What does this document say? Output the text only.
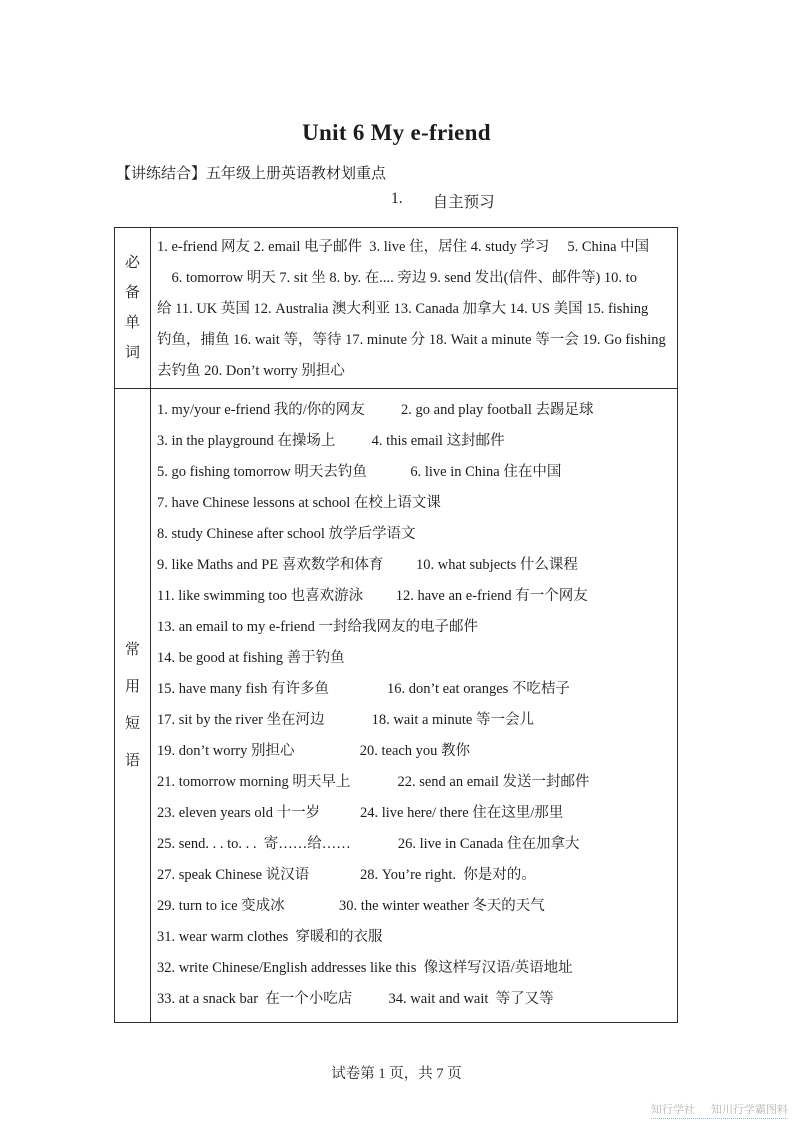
Unit 6 My e-friend
【讲练结合】五年级上册英语教材划重点
1. 自主预习
必
备
单
词
1. e-friend 网友 2. email 电子邮件  3. live 住，居住 4. study 学习     5. China 中国
6. tomorrow 明天 7. sit 坐 8. by. 在.... 旁边 9. send 发出(信件、邮件等) 10. to
给 11. UK 英国 12. Australia 澳大利亚 13. Canada 加拿大 14. US 美国 15. fishing
钓鱼，捕鱼 16. wait 等，等待 17. minute 分 18. Wait a minute 等一会 19. Go fishing
去钓鱼 20. Don’t worry 别担心
常
用
短
语
1. my/your e-friend 我的/你的网友          2. go and play football 去踢足球
3. in the playground 在操场上          4. this email 这封邮件
5. go fishing tomorrow 明天去钓鱼            6. live in China 住在中国
7. have Chinese lessons at school 在校上语文课
8. study Chinese after school 放学后学语文
9. like Maths and PE 喜欢数学和体育         10. what subjects 什么课程
11. like swimming too 也喜欢游泳         12. have an e-friend 有一个网友
13. an email to my e-friend 一封给我网友的电子邮件
14. be good at fishing 善于钓鱼
15. have many fish 有许多鱼                16. don’t eat oranges 不吃桔子
17. sit by the river 坐在河边             18. wait a minute 等一会儿
19. don’t worry 别担心                  20. teach you 教你
21. tomorrow morning 明天早上             22. send an email 发送一封邮件
23. eleven years old 十一岁           24. live here/ there 住在这里/那里
25. send. . . to. . .  寄……给……             26. live in Canada 住在加拿大
27. speak Chinese 说汉语              28. You’re right.  你是对的。
29. turn to ice 变成冰               30. the winter weather 冬天的天气
31. wear warm clothes  穿暖和的衣服
32. write Chinese/English addresses like this  像这样写汉语/英语地址
33. at a snack bar  在一个小吃店          34. wait and wait  等了又等
试卷第 1 页，共 7 页
知行学社 知川行学霸图料
